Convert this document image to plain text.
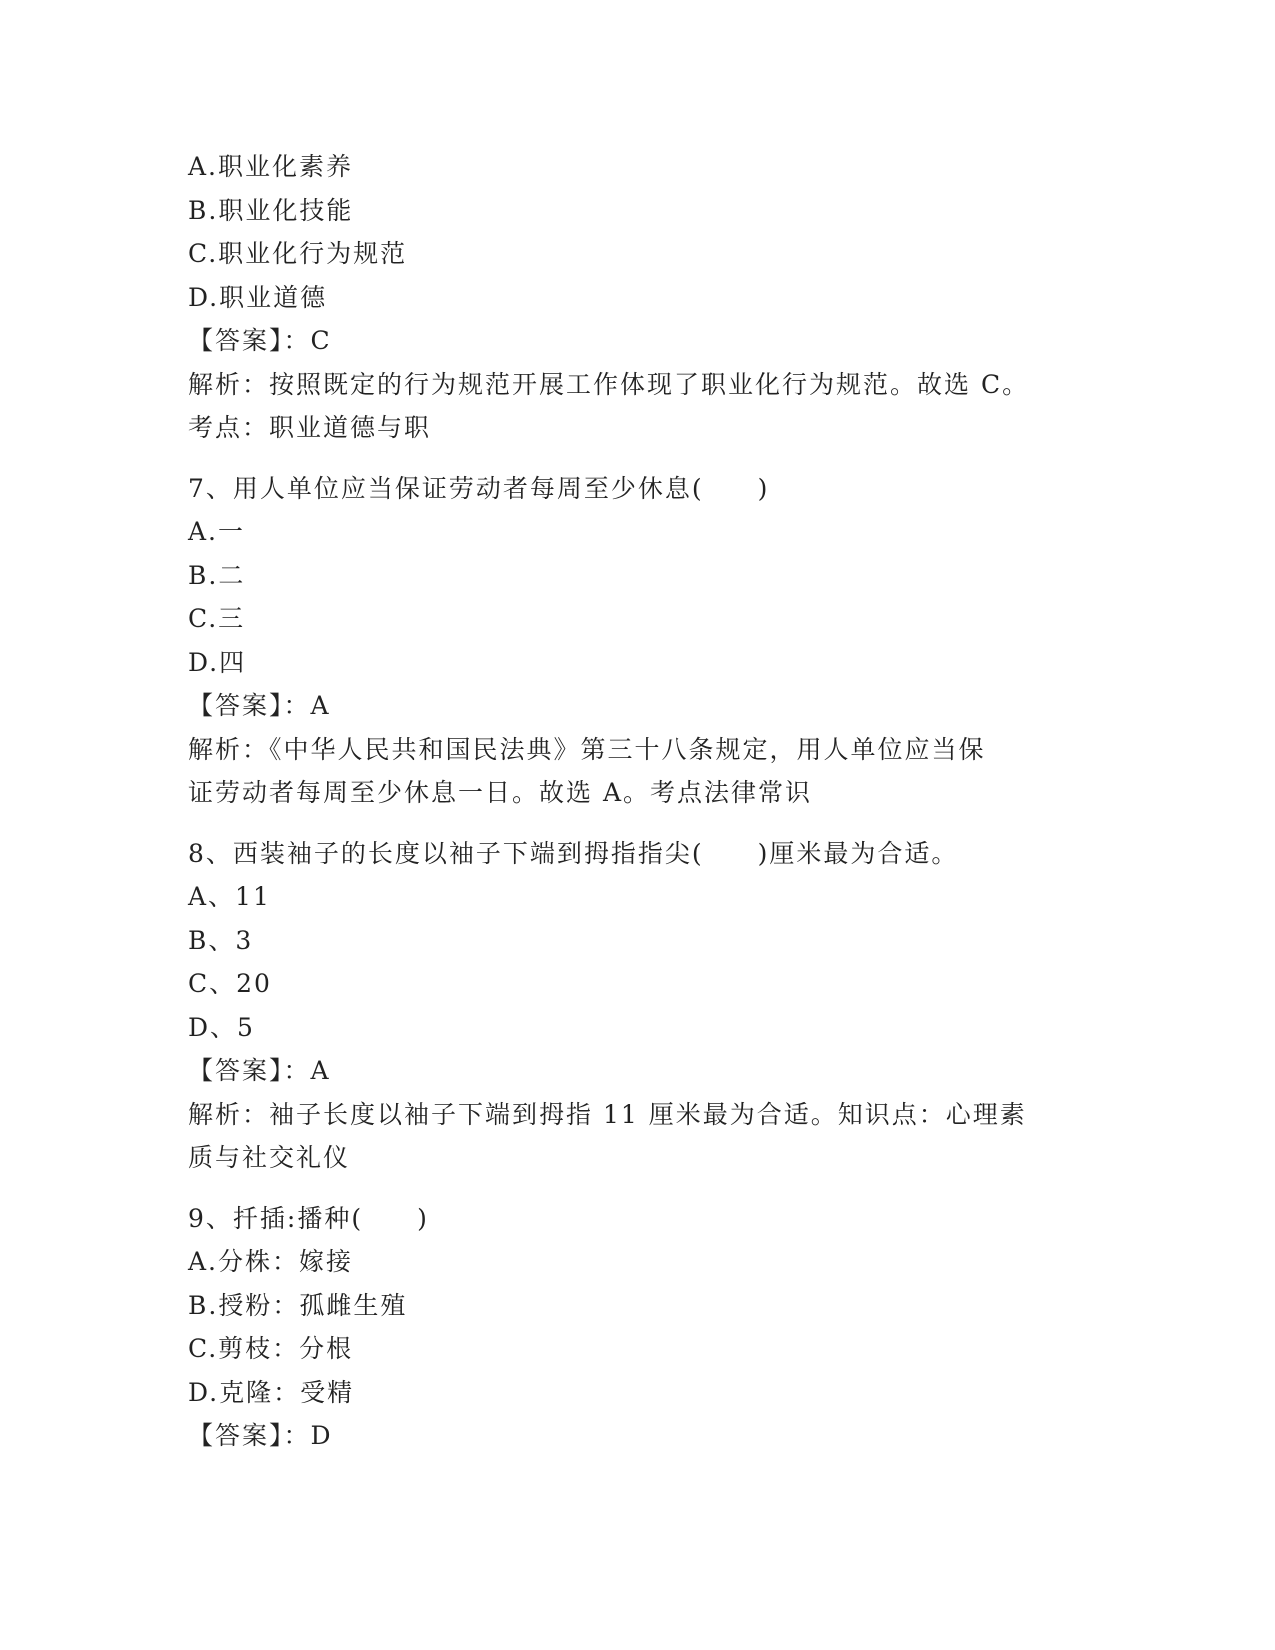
A.职业化素养
B.职业化技能
C.职业化行为规范
D.职业道德
【答案】：C
解析：按照既定的行为规范开展工作体现了职业化行为规范。故选 C。
考点：职业道德与职
7、用人单位应当保证劳动者每周至少休息(　　)
A.一
B.二
C.三
D.四
【答案】：A
解析：《中华人民共和国民法典》第三十八条规定，用人单位应当保
证劳动者每周至少休息一日。故选 A。考点法律常识
8、西装袖子的长度以袖子下端到拇指指尖(　　)厘米最为合适。
A、11
B、3
C、20
D、5
【答案】：A
解析：袖子长度以袖子下端到拇指 11 厘米最为合适。知识点：心理素
质与社交礼仪
9、扦插:播种(　　)
A.分株：嫁接
B.授粉：孤雌生殖
C.剪枝：分根
D.克隆：受精
【答案】：D
